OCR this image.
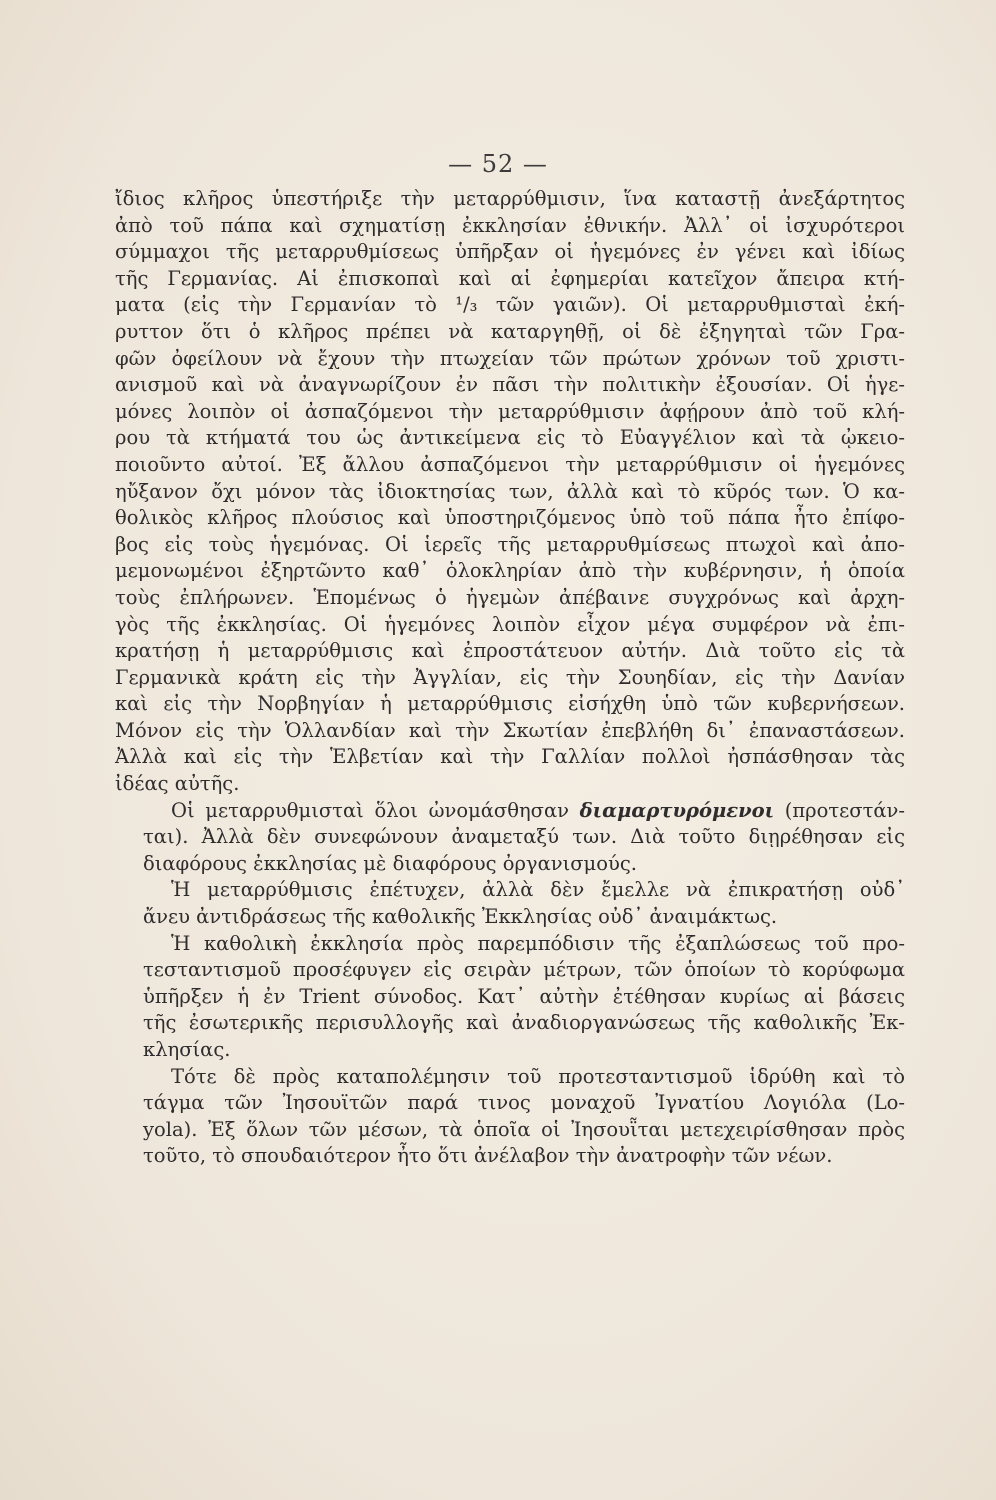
— 52 —
ἴδιος κλῆρος ὑπεστήριξε τὴν μεταρρύθμισιν, ἵνα καταστῇ ἀνεξάρτητος
ἀπὸ τοῦ πάπα καὶ σχηματίσῃ ἐκκλησίαν ἐθνικήν. Ἀλλ᾿ οἱ ἰσχυρότεροι
σύμμαχοι τῆς μεταρρυθμίσεως ὑπῆρξαν οἱ ἡγεμόνες ἐν γένει καὶ ἰδίως
τῆς Γερμανίας. Αἱ ἐπισκοπαὶ καὶ αἱ ἐφημερίαι κατεῖχον ἄπειρα κτή-
ματα (εἰς τὴν Γερμανίαν τὸ ¹/₃ τῶν γαιῶν). Οἱ μεταρρυθμισταὶ ἐκή-
ρυττον ὅτι ὁ κλῆρος πρέπει νὰ καταργηθῇ, οἱ δὲ ἐξηγηταὶ τῶν Γρα-
φῶν ὀφείλουν νὰ ἔχουν τὴν πτωχείαν τῶν πρώτων χρόνων τοῦ χριστι-
ανισμοῦ καὶ νὰ ἀναγνωρίζουν ἐν πᾶσι τὴν πολιτικὴν ἐξουσίαν. Οἱ ἡγε-
μόνες λοιπὸν οἱ ἀσπαζόμενοι τὴν μεταρρύθμισιν ἀφῄρουν ἀπὸ τοῦ κλή-
ρου τὰ κτήματά του ὡς ἀντικείμενα εἰς τὸ Εὐαγγέλιον καὶ τὰ ᾠκειο-
ποιοῦντο αὐτοί. Ἐξ ἄλλου ἀσπαζόμενοι τὴν μεταρρύθμισιν οἱ ἡγεμόνες
ηὔξανον ὄχι μόνον τὰς ἰδιοκτησίας των, ἀλλὰ καὶ τὸ κῦρός των. Ὁ κα-
θολικὸς κλῆρος πλούσιος καὶ ὑποστηριζόμενος ὑπὸ τοῦ πάπα ἦτο ἐπίφο-
βος εἰς τοὺς ἡγεμόνας. Οἱ ἱερεῖς τῆς μεταρρυθμίσεως πτωχοὶ καὶ ἀπο-
μεμονωμένοι ἐξηρτῶντο καθ᾿ ὁλοκληρίαν ἀπὸ τὴν κυβέρνησιν, ἡ ὁποία
τοὺς ἐπλήρωνεν. Ἑπομένως ὁ ἡγεμὼν ἀπέβαινε συγχρόνως καὶ ἀρχη-
γὸς τῆς ἐκκλησίας. Οἱ ἡγεμόνες λοιπὸν εἶχον μέγα συμφέρον νὰ ἐπι-
κρατήσῃ ἡ μεταρρύθμισις καὶ ἐπροστάτευον αὐτήν. Διὰ τοῦτο εἰς τὰ
Γερμανικὰ κράτη εἰς τὴν Ἀγγλίαν, εἰς τὴν Σουηδίαν, εἰς τὴν Δανίαν
καὶ εἰς τὴν Νορβηγίαν ἡ μεταρρύθμισις εἰσήχθη ὑπὸ τῶν κυβερνήσεων.
Μόνον εἰς τὴν Ὁλλανδίαν καὶ τὴν Σκωτίαν ἐπεβλήθη δι᾿ ἐπαναστάσεων.
Ἀλλὰ καὶ εἰς τὴν Ἑλβετίαν καὶ τὴν Γαλλίαν πολλοὶ ἠσπάσθησαν τὰς
ἰδέας αὐτῆς.
Οἱ μεταρρυθμισταὶ ὅλοι ὠνομάσθησαν διαμαρτυρόμενοι (προτεστάν-
ται). Ἀλλὰ δὲν συνεφώνουν ἀναμεταξύ των. Διὰ τοῦτο διῃρέθησαν εἰς
διαφόρους ἐκκλησίας μὲ διαφόρους ὀργανισμούς.
Ἡ μεταρρύθμισις ἐπέτυχεν, ἀλλὰ δὲν ἔμελλε νὰ ἐπικρατήσῃ οὐδ᾿
ἄνευ ἀντιδράσεως τῆς καθολικῆς Ἐκκλησίας οὐδ᾿ ἀναιμάκτως.
Ἡ καθολικὴ ἐκκλησία πρὸς παρεμπόδισιν τῆς ἐξαπλώσεως τοῦ προ-
τεσταντισμοῦ προσέφυγεν εἰς σειρὰν μέτρων, τῶν ὁποίων τὸ κορύφωμα
ὑπῆρξεν ἡ ἐν Trient σύνοδος. Κατ᾿ αὐτὴν ἐτέθησαν κυρίως αἱ βάσεις
τῆς ἐσωτερικῆς περισυλλογῆς καὶ ἀναδιοργανώσεως τῆς καθολικῆς Ἐκ-
κλησίας.
Τότε δὲ πρὸς καταπολέμησιν τοῦ προτεσταντισμοῦ ἱδρύθη καὶ τὸ
τάγμα τῶν Ἰησουϊτῶν παρά τινος μοναχοῦ Ἰγνατίου Λογιόλα (Lo-
yola). Ἐξ ὅλων τῶν μέσων, τὰ ὁποῖα οἱ Ἰησουῗται μετεχειρίσθησαν πρὸς
τοῦτο, τὸ σπουδαιότερον ἦτο ὅτι ἀνέλαβον τὴν ἀνατροφὴν τῶν νέων.
